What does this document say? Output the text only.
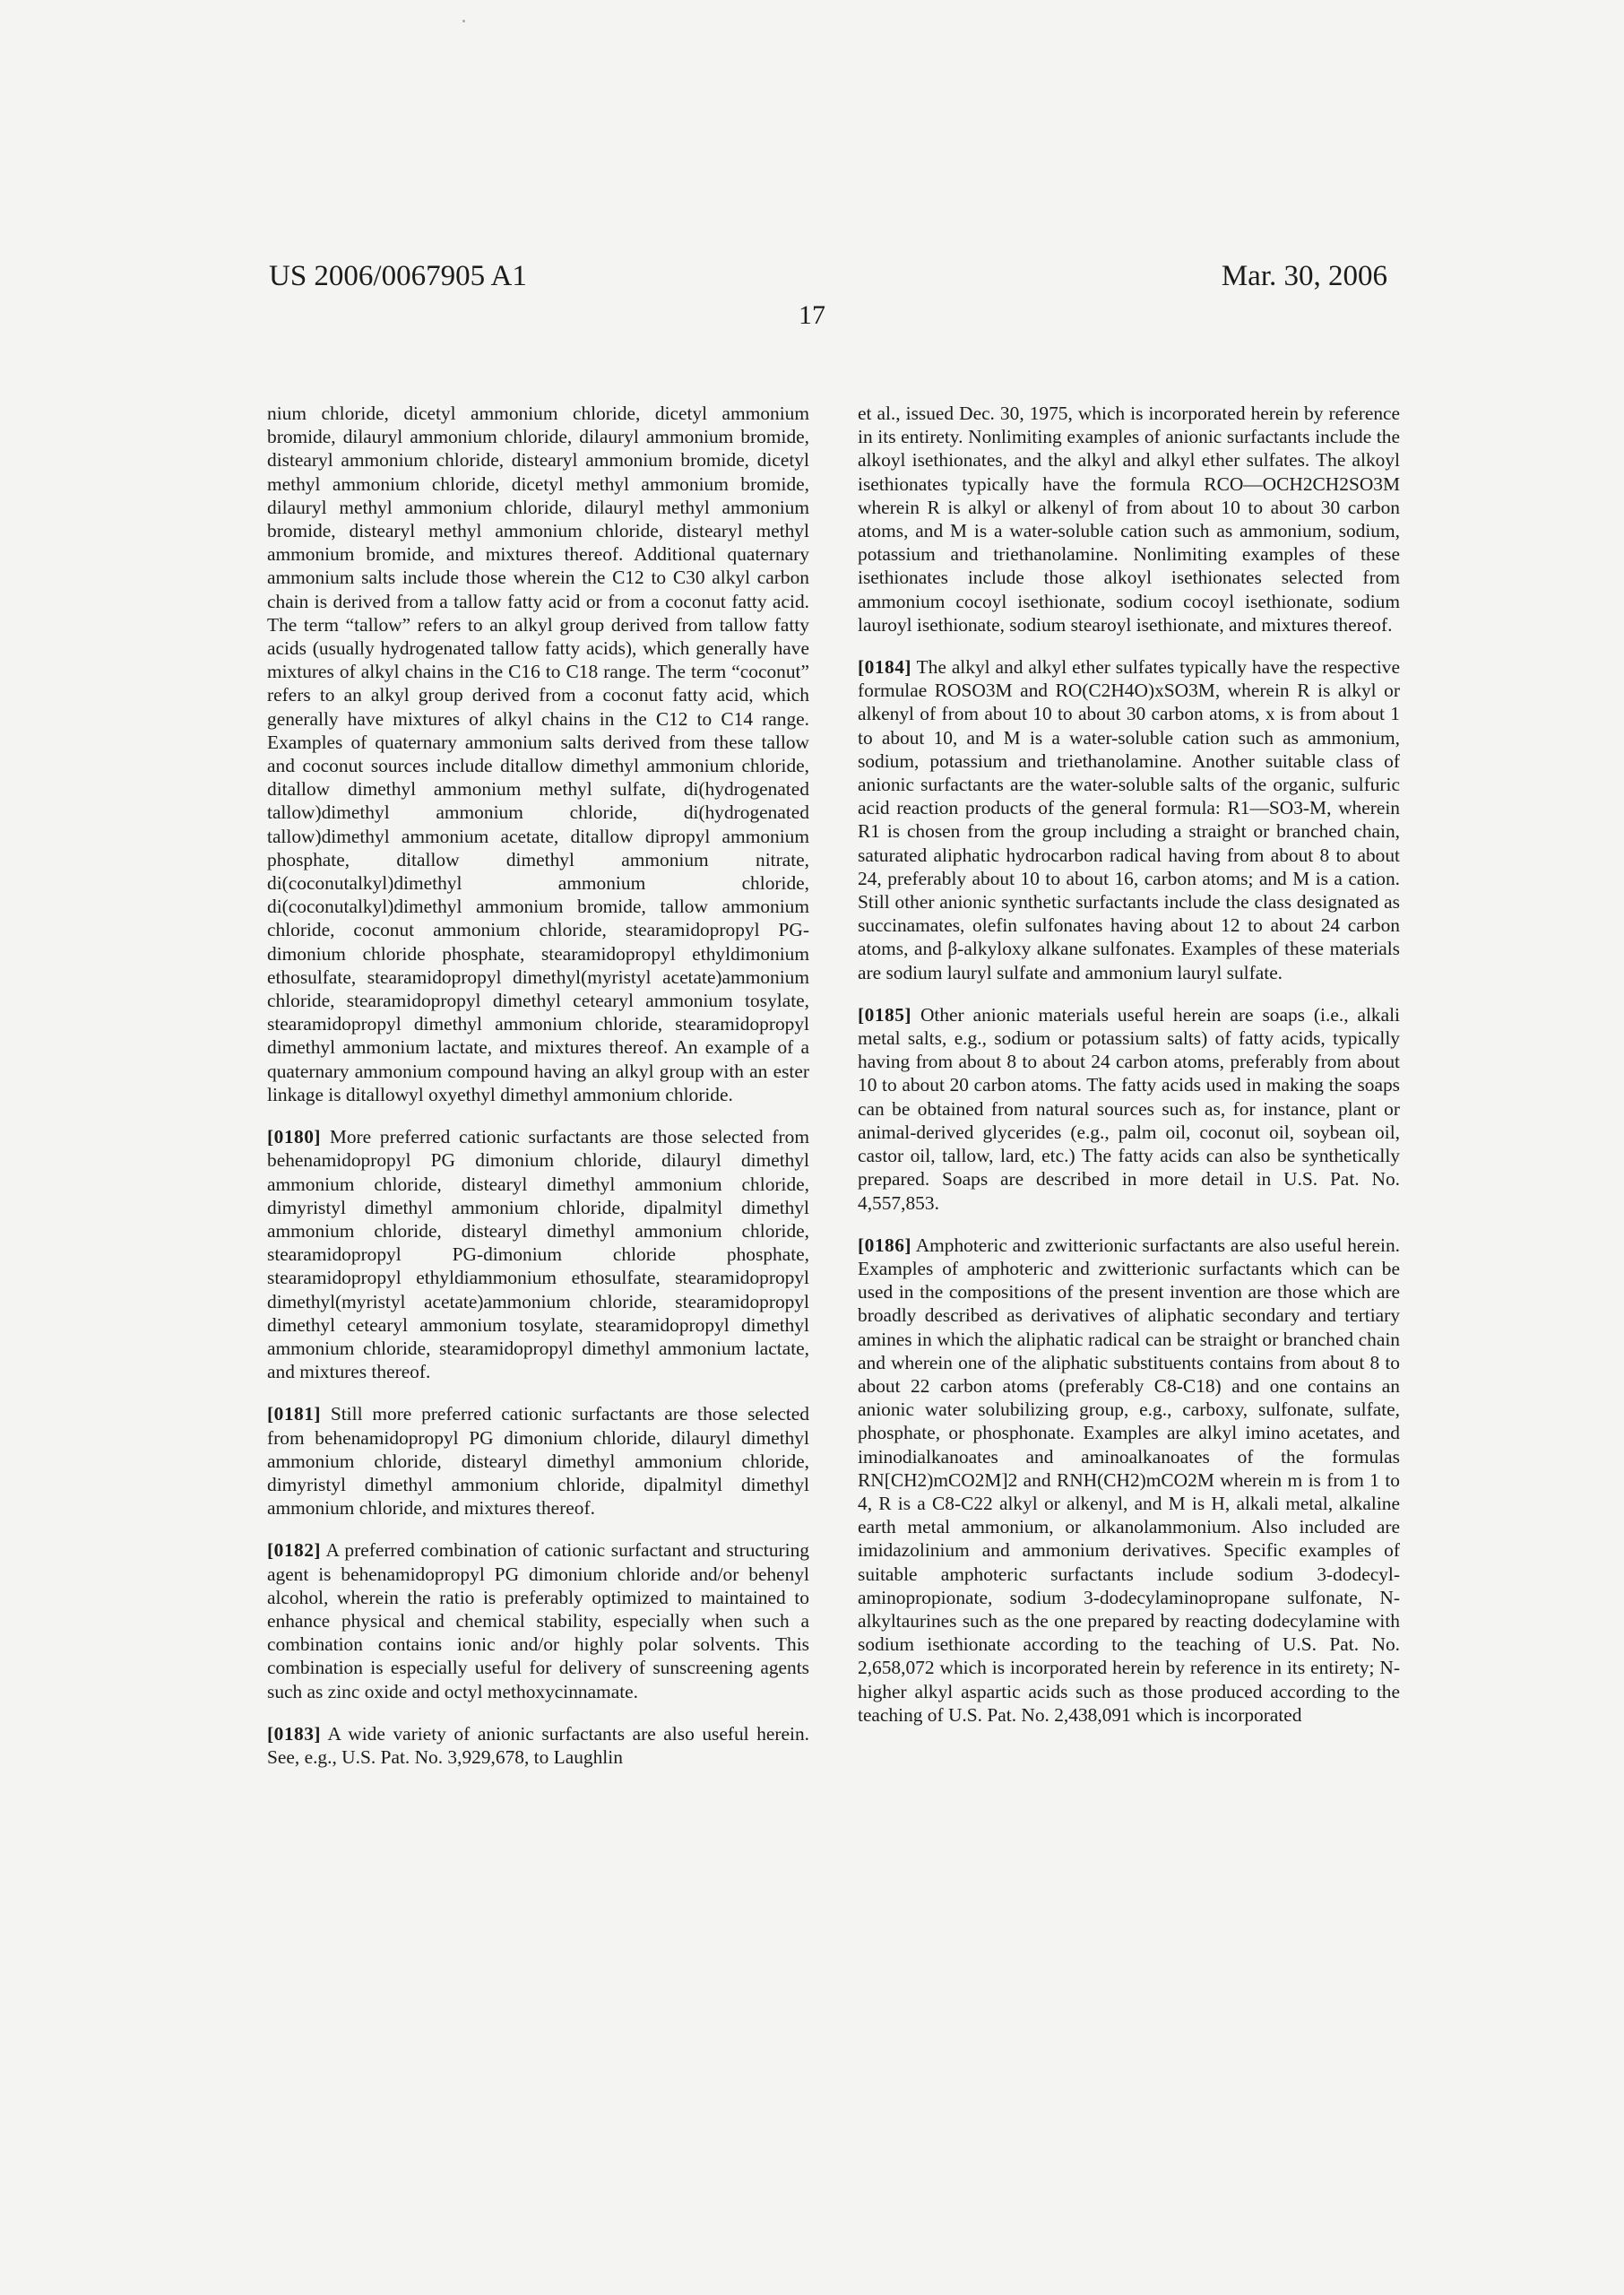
US 2006/0067905 A1	Mar. 30, 2006
17

nium chloride, dicetyl ammonium chloride, dicetyl ammonium bromide, dilauryl ammonium chloride, dilauryl ammonium bromide, distearyl ammonium chloride, distearyl ammonium bromide, dicetyl methyl ammonium chloride, dicetyl methyl ammonium bromide, dilauryl methyl ammonium chloride, dilauryl methyl ammonium bromide, distearyl methyl ammonium chloride, distearyl methyl ammonium bromide, and mixtures thereof. Additional quaternary ammonium salts include those wherein the C12 to C30 alkyl carbon chain is derived from a tallow fatty acid or from a coconut fatty acid. The term “tallow” refers to an alkyl group derived from tallow fatty acids (usually hydrogenated tallow fatty acids), which generally have mixtures of alkyl chains in the C16 to C18 range. The term “coconut” refers to an alkyl group derived from a coconut fatty acid, which generally have mixtures of alkyl chains in the C12 to C14 range. Examples of quaternary ammonium salts derived from these tallow and coconut sources include ditallow dimethyl ammonium chloride, ditallow dimethyl ammonium methyl sulfate, di(hydrogenated tallow)dimethyl ammonium chloride, di(hydrogenated tallow)dimethyl ammonium acetate, ditallow dipropyl ammonium phosphate, ditallow dimethyl ammonium nitrate, di(coconutalkyl)dimethyl ammonium chloride, di(coconutalkyl)dimethyl ammonium bromide, tallow ammonium chloride, coconut ammonium chloride, stearamidopropyl PG-dimonium chloride phosphate, stearamidopropyl ethyldimonium ethosulfate, stearamidopropyl dimethyl(myristyl acetate)ammonium chloride, stearamidopropyl dimethyl cetearyl ammonium tosylate, stearamidopropyl dimethyl ammonium chloride, stearamidopropyl dimethyl ammonium lactate, and mixtures thereof. An example of a quaternary ammonium compound having an alkyl group with an ester linkage is ditallowyl oxyethyl dimethyl ammonium chloride.

[0180] More preferred cationic surfactants are those selected from behenamidopropyl PG dimonium chloride, dilauryl dimethyl ammonium chloride, distearyl dimethyl ammonium chloride, dimyristyl dimethyl ammonium chloride, dipalmityl dimethyl ammonium chloride, distearyl dimethyl ammonium chloride, stearamidopropyl PG-dimonium chloride phosphate, stearamidopropyl ethyldiammonium ethosulfate, stearamidopropyl dimethyl(myristyl acetate)ammonium chloride, stearamidopropyl dimethyl cetearyl ammonium tosylate, stearamidopropyl dimethyl ammonium chloride, stearamidopropyl dimethyl ammonium lactate, and mixtures thereof.

[0181] Still more preferred cationic surfactants are those selected from behenamidopropyl PG dimonium chloride, dilauryl dimethyl ammonium chloride, distearyl dimethyl ammonium chloride, dimyristyl dimethyl ammonium chloride, dipalmityl dimethyl ammonium chloride, and mixtures thereof.

[0182] A preferred combination of cationic surfactant and structuring agent is behenamidopropyl PG dimonium chloride and/or behenyl alcohol, wherein the ratio is preferably optimized to maintained to enhance physical and chemical stability, especially when such a combination contains ionic and/or highly polar solvents. This combination is especially useful for delivery of sunscreening agents such as zinc oxide and octyl methoxycinnamate.

[0183] A wide variety of anionic surfactants are also useful herein. See, e.g., U.S. Pat. No. 3,929,678, to Laughlin

et al., issued Dec. 30, 1975, which is incorporated herein by reference in its entirety. Nonlimiting examples of anionic surfactants include the alkoyl isethionates, and the alkyl and alkyl ether sulfates. The alkoyl isethionates typically have the formula RCO—OCH2CH2SO3M wherein R is alkyl or alkenyl of from about 10 to about 30 carbon atoms, and M is a water-soluble cation such as ammonium, sodium, potassium and triethanolamine. Nonlimiting examples of these isethionates include those alkoyl isethionates selected from ammonium cocoyl isethionate, sodium cocoyl isethionate, sodium lauroyl isethionate, sodium stearoyl isethionate, and mixtures thereof.

[0184] The alkyl and alkyl ether sulfates typically have the respective formulae ROSO3M and RO(C2H4O)xSO3M, wherein R is alkyl or alkenyl of from about 10 to about 30 carbon atoms, x is from about 1 to about 10, and M is a water-soluble cation such as ammonium, sodium, potassium and triethanolamine. Another suitable class of anionic surfactants are the water-soluble salts of the organic, sulfuric acid reaction products of the general formula: R1—SO3-M, wherein R1 is chosen from the group including a straight or branched chain, saturated aliphatic hydrocarbon radical having from about 8 to about 24, preferably about 10 to about 16, carbon atoms; and M is a cation. Still other anionic synthetic surfactants include the class designated as succinamates, olefin sulfonates having about 12 to about 24 carbon atoms, and β-alkyloxy alkane sulfonates. Examples of these materials are sodium lauryl sulfate and ammonium lauryl sulfate.

[0185] Other anionic materials useful herein are soaps (i.e., alkali metal salts, e.g., sodium or potassium salts) of fatty acids, typically having from about 8 to about 24 carbon atoms, preferably from about 10 to about 20 carbon atoms. The fatty acids used in making the soaps can be obtained from natural sources such as, for instance, plant or animal-derived glycerides (e.g., palm oil, coconut oil, soybean oil, castor oil, tallow, lard, etc.) The fatty acids can also be synthetically prepared. Soaps are described in more detail in U.S. Pat. No. 4,557,853.

[0186] Amphoteric and zwitterionic surfactants are also useful herein. Examples of amphoteric and zwitterionic surfactants which can be used in the compositions of the present invention are those which are broadly described as derivatives of aliphatic secondary and tertiary amines in which the aliphatic radical can be straight or branched chain and wherein one of the aliphatic substituents contains from about 8 to about 22 carbon atoms (preferably C8-C18) and one contains an anionic water solubilizing group, e.g., carboxy, sulfonate, sulfate, phosphate, or phosphonate. Examples are alkyl imino acetates, and iminodialkanoates and aminoalkanoates of the formulas RN[CH2)mCO2M]2 and RNH(CH2)mCO2M wherein m is from 1 to 4, R is a C8-C22 alkyl or alkenyl, and M is H, alkali metal, alkaline earth metal ammonium, or alkanolammonium. Also included are imidazolinium and ammonium derivatives. Specific examples of suitable amphoteric surfactants include sodium 3-dodecyl-aminopropionate, sodium 3-dodecylaminopropane sulfonate, N-alkyltaurines such as the one prepared by reacting dodecylamine with sodium isethionate according to the teaching of U.S. Pat. No. 2,658,072 which is incorporated herein by reference in its entirety; N-higher alkyl aspartic acids such as those produced according to the teaching of U.S. Pat. No. 2,438,091 which is incorporated
